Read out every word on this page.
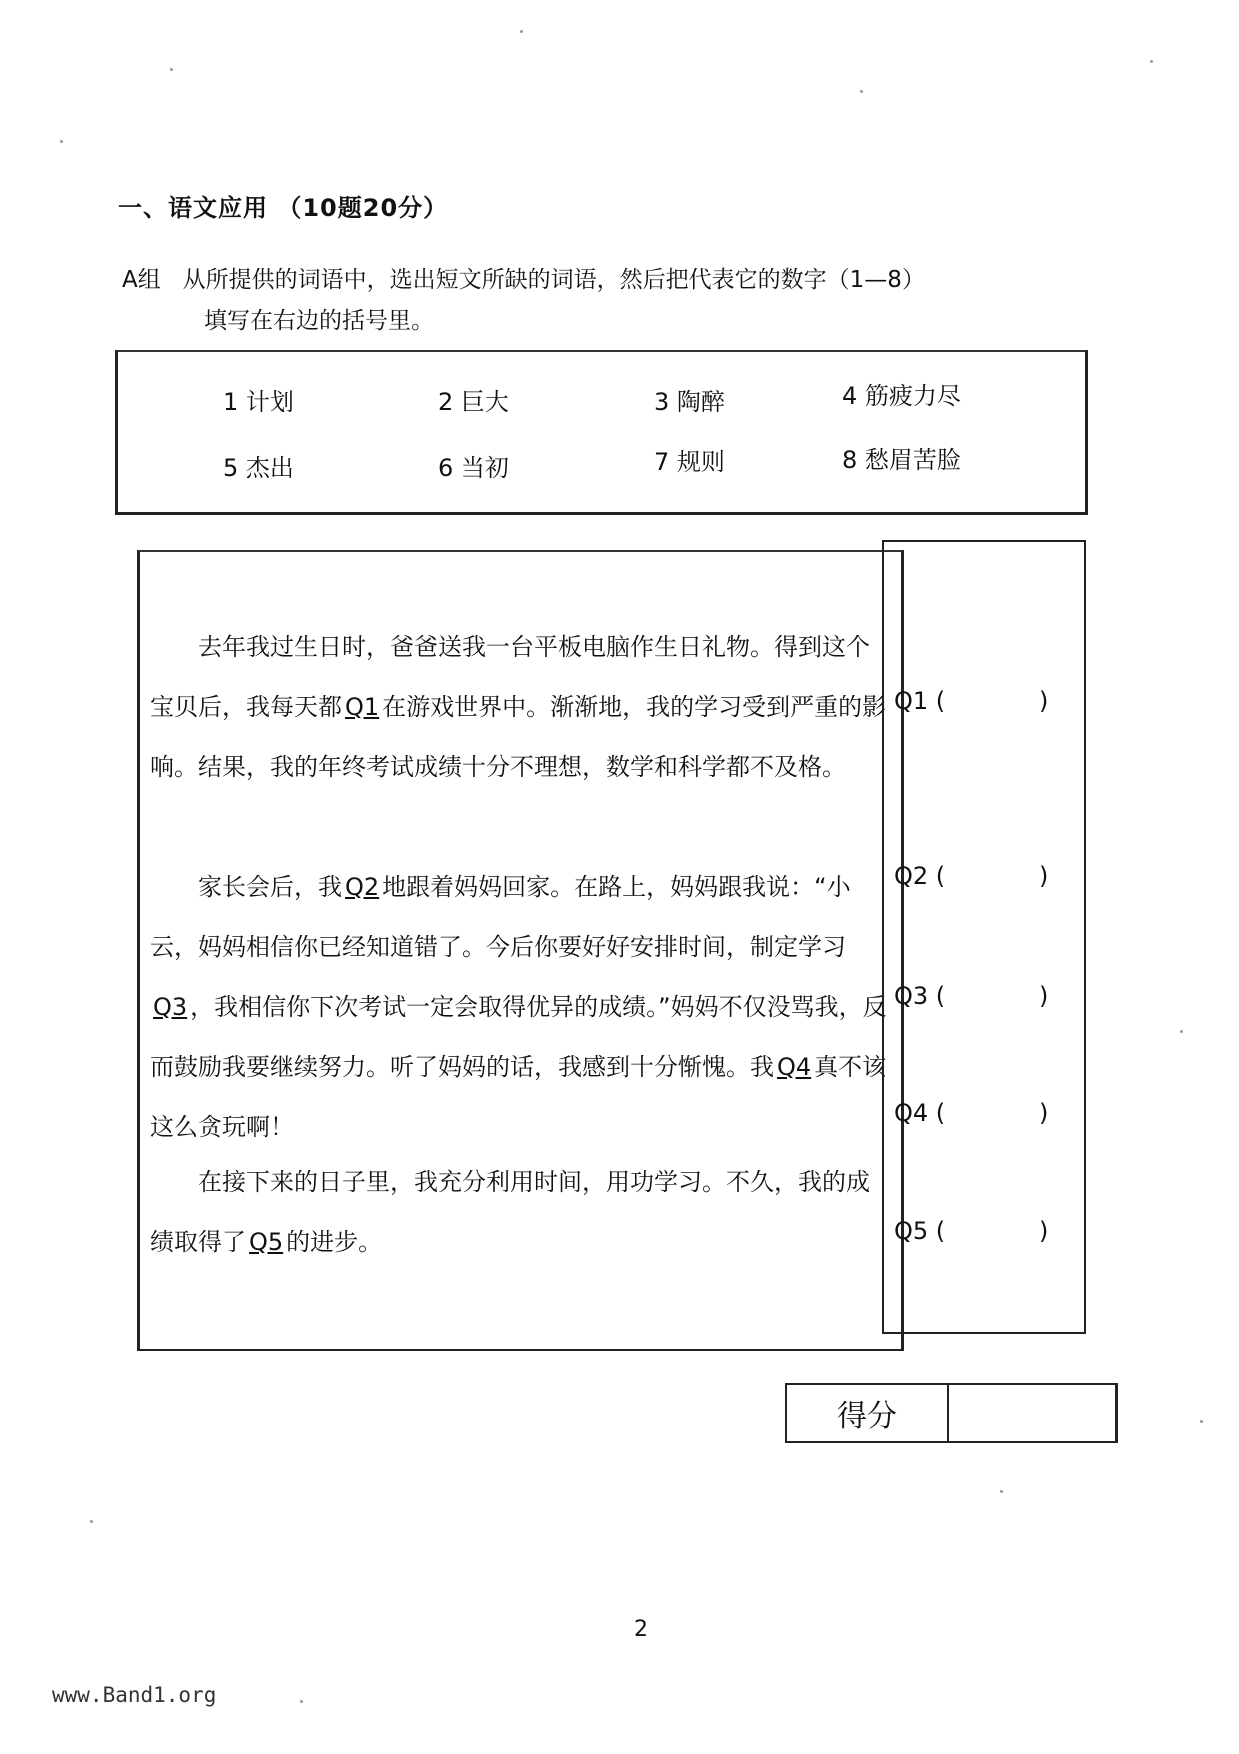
一、语文应用 （10题20分）
A组 从所提供的词语中，选出短文所缺的词语，然后把代表它的数字（1—8）
填写在右边的括号里。
1 计划	2 巨大	3 陶醉	4 筋疲力尽
5 杰出	6 当初	7 规则	8 愁眉苦脸

去年我过生日时，爸爸送我一台平板电脑作生日礼物。得到这个宝贝后，我每天都 Q1 在游戏世界中。渐渐地，我的学习受到严重的影响。结果，我的年终考试成绩十分不理想，数学和科学都不及格。

家长会后，我 Q2 地跟着妈妈回家。在路上，妈妈跟我说：“小云，妈妈相信你已经知道错了。今后你要好好安排时间，制定学习Q3 ，我相信你下次考试一定会取得优异的成绩。”妈妈不仅没骂我，反而鼓励我要继续努力。听了妈妈的话，我感到十分惭愧。我 Q4 真不该这么贪玩啊！

在接下来的日子里，我充分利用时间，用功学习。不久，我的成绩取得了 Q5 的进步。

Q1 (	)
Q2 (	)
Q3 (	)
Q4 (	)
Q5 (	)
得分
2
www.Band1.org
